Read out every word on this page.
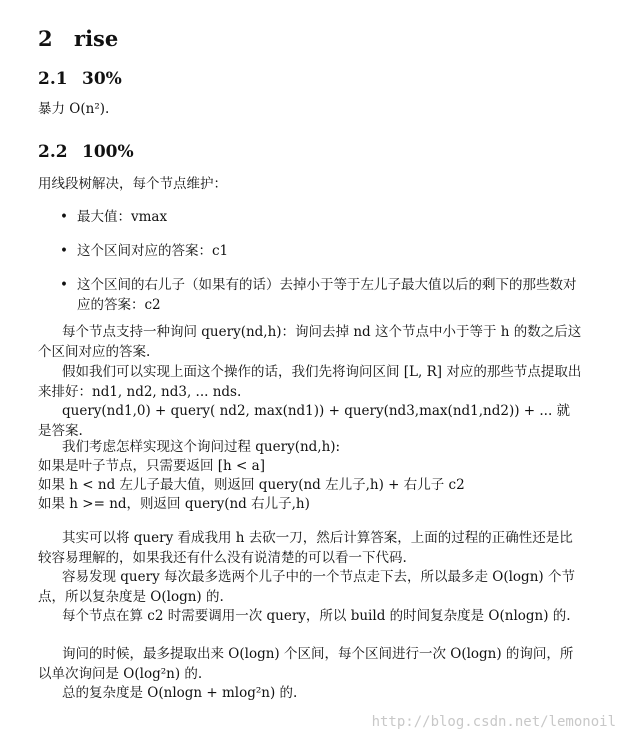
2 rise
2.1 30%
暴力 O(n²).
2.2 100%
用线段树解决，每个节点维护：
• 最大值：vmax
• 这个区间对应的答案：c1
• 这个区间的右儿子（如果有的话）去掉小于等于左儿子最大值以后的剩下的那些数对应的答案：c2
每个节点支持一种询问 query(nd,h)：询问去掉 nd 这个节点中小于等于 h 的数之后这个区间对应的答案.
假如我们可以实现上面这个操作的话，我们先将询问区间 [L, R] 对应的那些节点提取出来排好：nd1, nd2, nd3, ... nds.
query(nd1,0) + query( nd2, max(nd1)) + query(nd3,max(nd1,nd2)) + ... 就是答案.
我们考虑怎样实现这个询问过程 query(nd,h):
如果是叶子节点，只需要返回 [h < a]
如果 h < nd 左儿子最大值，则返回 query(nd 左儿子,h) + 右儿子 c2
如果 h >= nd，则返回 query(nd 右儿子,h)
其实可以将 query 看成我用 h 去砍一刀，然后计算答案，上面的过程的正确性还是比较容易理解的，如果我还有什么没有说清楚的可以看一下代码.
容易发现 query 每次最多选两个儿子中的一个节点走下去，所以最多走 O(logn) 个节点，所以复杂度是 O(logn) 的.
每个节点在算 c2 时需要调用一次 query，所以 build 的时间复杂度是 O(nlogn) 的.
询问的时候，最多提取出来 O(logn) 个区间，每个区间进行一次 O(logn) 的询问，所以单次询问是 O(log²n) 的.
总的复杂度是 O(nlogn + mlog²n) 的.
http://blog.csdn.net/lemonoil
